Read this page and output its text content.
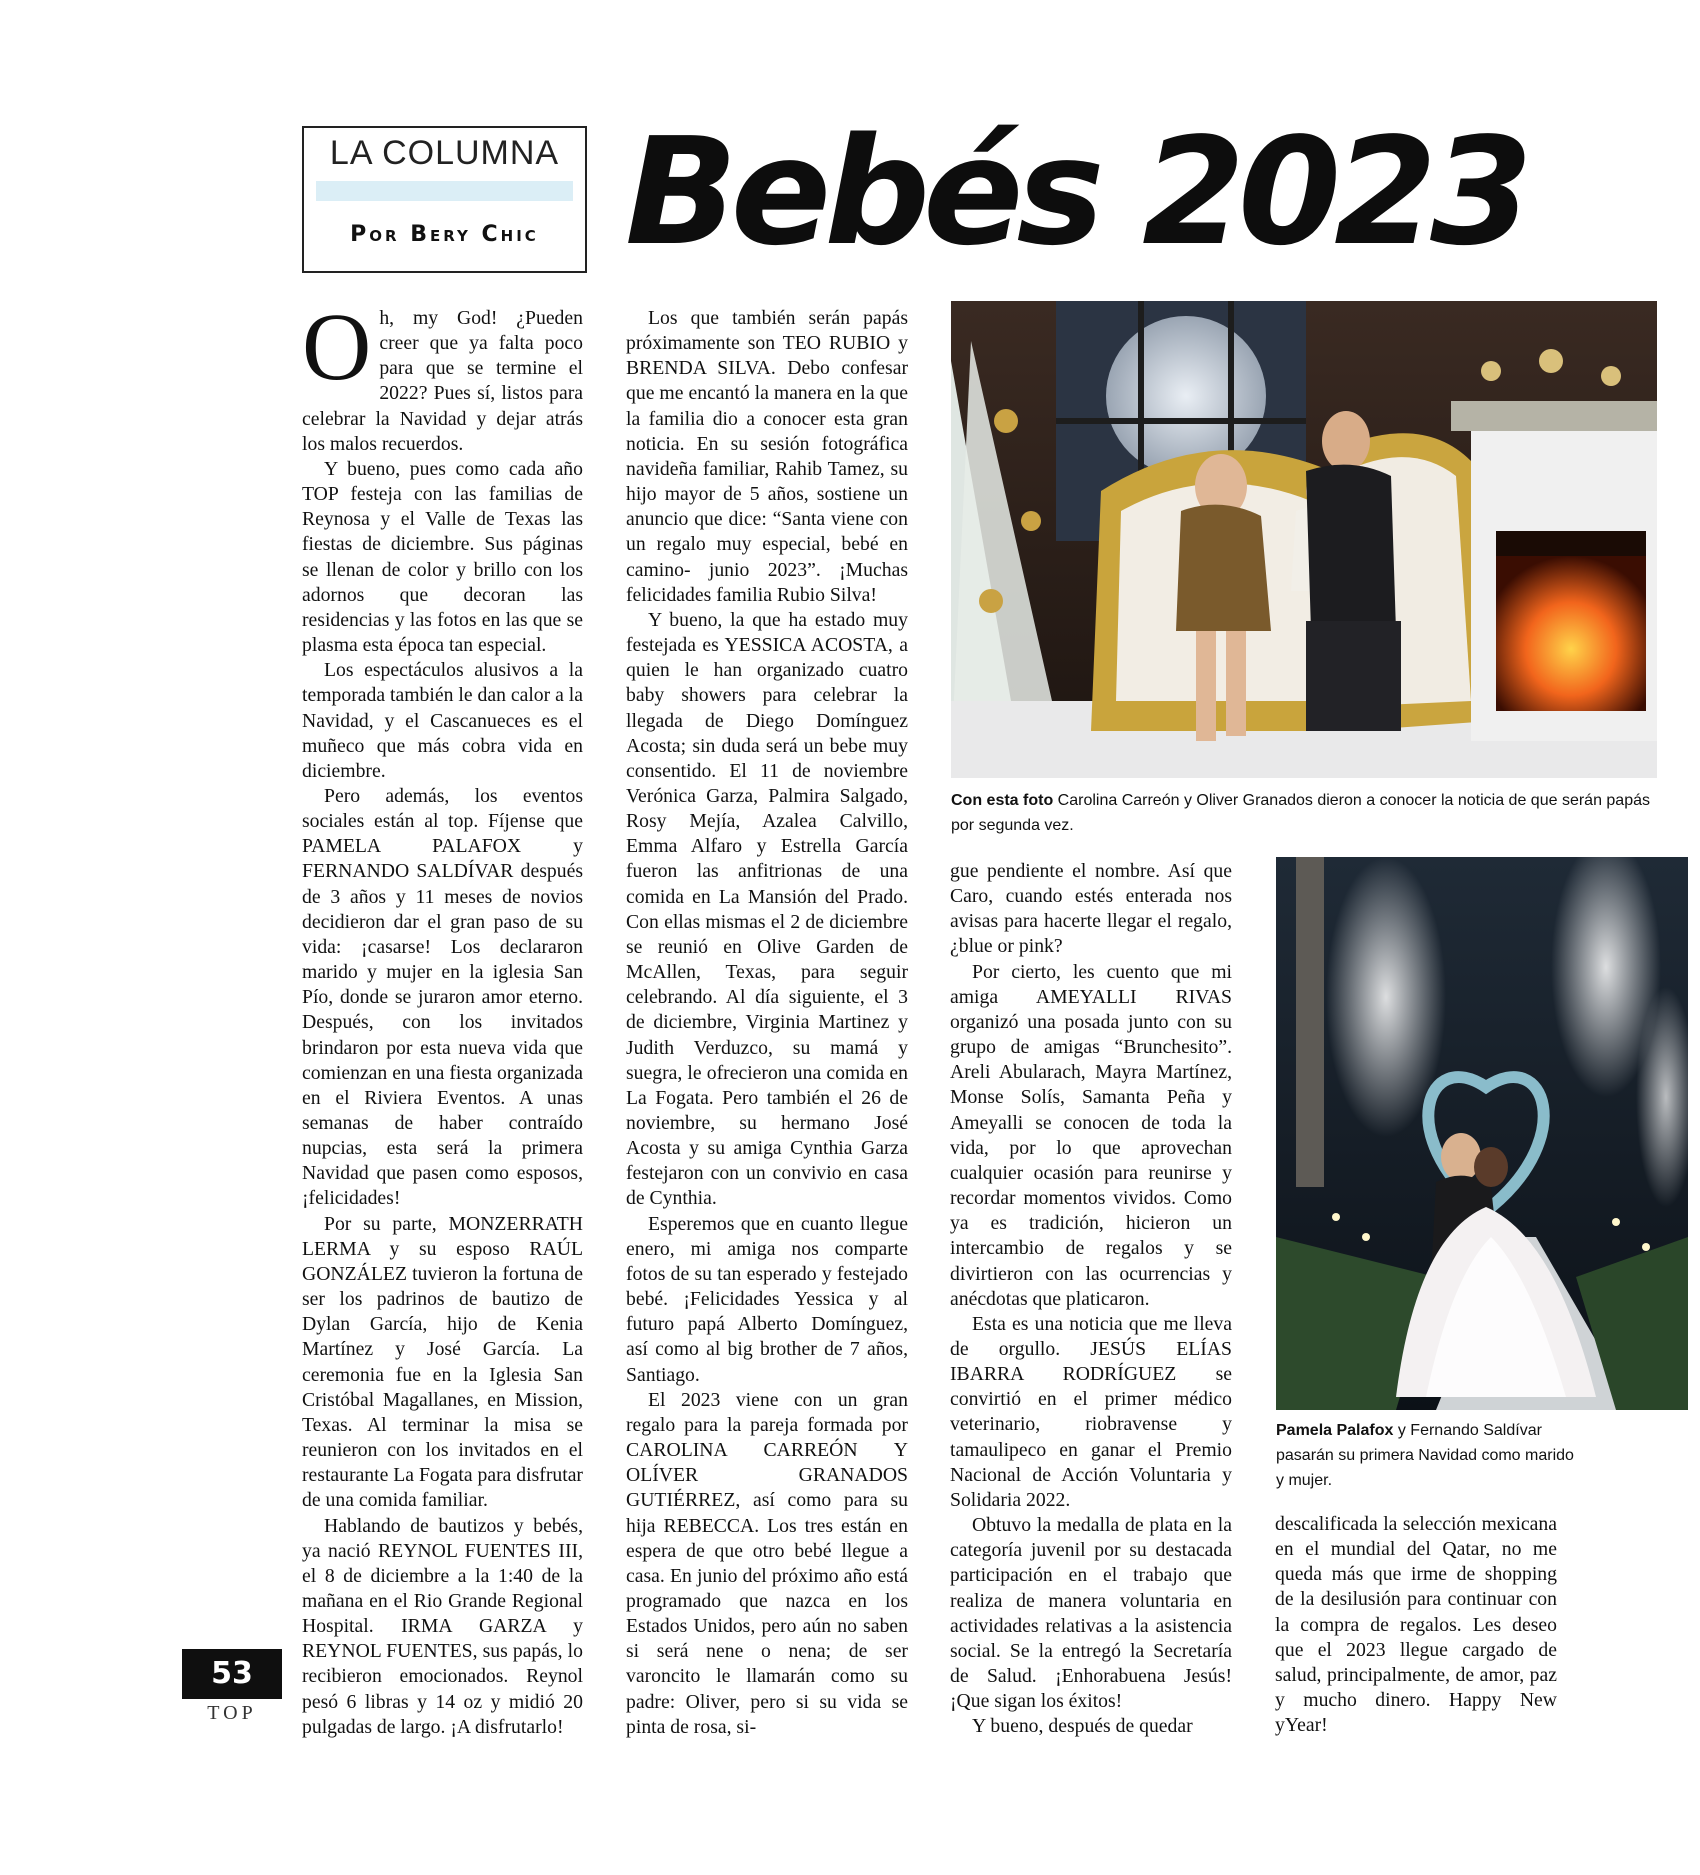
LA COLUMNA
Por Bery Chic Bebés 2023

Oh, my God! ¿Pueden creer que ya falta poco para que se termine el 2022? Pues sí, listos para celebrar la Navidad y dejar atrás los malos recuerdos.

Y bueno, pues como cada año TOP festeja con las familias de Reynosa y el Valle de Texas las fiestas de diciembre. Sus páginas se llenan de color y brillo con los adornos que decoran las residencias y las fotos en las que se plasma esta época tan especial.

Los espectáculos alusivos a la temporada también le dan calor a la Navidad, y el Cascanueces es el muñeco que más cobra vida en diciembre.

Pero además, los eventos sociales están al top. Fíjense que PAMELA PALAFOX y FERNANDO SALDÍVAR después de 3 años y 11 meses de novios decidieron dar el gran paso de su vida: ¡casarse! Los declararon marido y mujer en la iglesia San Pío, donde se juraron amor eterno. Después, con los invitados brindaron por esta nueva vida que comienzan en una fiesta organizada en el Riviera Eventos. A unas semanas de haber contraído nupcias, esta será la primera Navidad que pasen como esposos, ¡felicidades!

Por su parte, MONZERRATH LERMA y su esposo RAÚL GONZÁLEZ tuvieron la fortuna de ser los padrinos de bautizo de Dylan García, hijo de Kenia Martínez y José García. La ceremonia fue en la Iglesia San Cristóbal Magallanes, en Mission, Texas. Al terminar la misa se reunieron con los invitados en el restaurante La Fogata para disfrutar de una comida familiar.

Hablando de bautizos y bebés, ya nació REYNOL FUENTES III, el 8 de diciembre a la 1:40 de la mañana en el Rio Grande Regional Hospital. IRMA GARZA y REYNOL FUENTES, sus papás, lo recibieron emocionados. Reynol pesó 6 libras y 14 oz y midió 20 pulgadas de largo. ¡A disfrutarlo!

Los que también serán papás próximamente son TEO RUBIO y BRENDA SILVA. Debo confesar que me encantó la manera en la que la familia dio a conocer esta gran noticia. En su sesión fotográfica navideña familiar, Rahib Tamez, su hijo mayor de 5 años, sostiene un anuncio que dice: “Santa viene con un regalo muy especial, bebé en camino- junio 2023”. ¡Muchas felicidades familia Rubio Silva!

Y bueno, la que ha estado muy festejada es YESSICA ACOSTA, a quien le han organizado cuatro baby showers para celebrar la llegada de Diego Domínguez Acosta; sin duda será un bebe muy consentido. El 11 de noviembre Verónica Garza, Palmira Salgado, Rosy Mejía, Azalea Calvillo, Emma Alfaro y Estrella García fueron las anfitrionas de una comida en La Mansión del Prado. Con ellas mismas el 2 de diciembre se reunió en Olive Garden de McAllen, Texas, para seguir celebrando. Al día siguiente, el 3 de diciembre, Virginia Martinez y Judith Verduzco, su mamá y suegra, le ofrecieron una comida en La Fogata. Pero también el 26 de noviembre, su hermano José Acosta y su amiga Cynthia Garza festejaron con un convivio en casa de Cynthia.

Esperemos que en cuanto llegue enero, mi amiga nos comparte fotos de su tan esperado y festejado bebé. ¡Felicidades Yessica y al futuro papá Alberto Domínguez, así como al big brother de 7 años, Santiago.

El 2023 viene con un gran regalo para la pareja formada por CAROLINA CARREÓN Y OLÍVER GRANADOS GUTIÉRREZ, así como para su hija REBECCA. Los tres están en espera de que otro bebé llegue a casa. En junio del próximo año está programado que nazca en los Estados Unidos, pero aún no saben si será nene o nena; de ser varoncito le llamarán como su padre: Oliver, pero si su vida se pinta de rosa, si-

Con esta foto Carolina Carreón y Oliver Granados dieron a conocer la noticia de que serán papás por segunda vez.

gue pendiente el nombre. Así que Caro, cuando estés enterada nos avisas para hacerte llegar el regalo, ¿blue or pink?

Por cierto, les cuento que mi amiga AMEYALLI RIVAS organizó una posada junto con su grupo de amigas “Brunchesito”. Areli Abularach, Mayra Martínez, Monse Solís, Samanta Peña y Ameyalli se conocen de toda la vida, por lo que aprovechan cualquier ocasión para reunirse y recordar momentos vividos. Como ya es tradición, hicieron un intercambio de regalos y se divirtieron con las ocurrencias y anécdotas que platicaron.

Esta es una noticia que me lleva de orgullo. JESÚS ELÍAS IBARRA RODRÍGUEZ se convirtió en el primer médico veterinario, riobravense y tamaulipeco en ganar el Premio Nacional de Acción Voluntaria y Solidaria 2022.

Obtuvo la medalla de plata en la categoría juvenil por su destacada participación en el trabajo que realiza de manera voluntaria en actividades relativas a la asistencia social. Se la entregó la Secretaría de Salud. ¡Enhorabuena Jesús! ¡Que sigan los éxitos!

Y bueno, después de quedar

Pamela Palafox y Fernando Saldívar pasarán su primera Navidad como marido y mujer.

descalificada la selección mexicana en el mundial del Qatar, no me queda más que irme de shopping de la desilusión para continuar con la compra de regalos. Les deseo que el 2023 llegue cargado de salud, principalmente, de amor, paz y mucho dinero. Happy New yYear!

53
TOP
